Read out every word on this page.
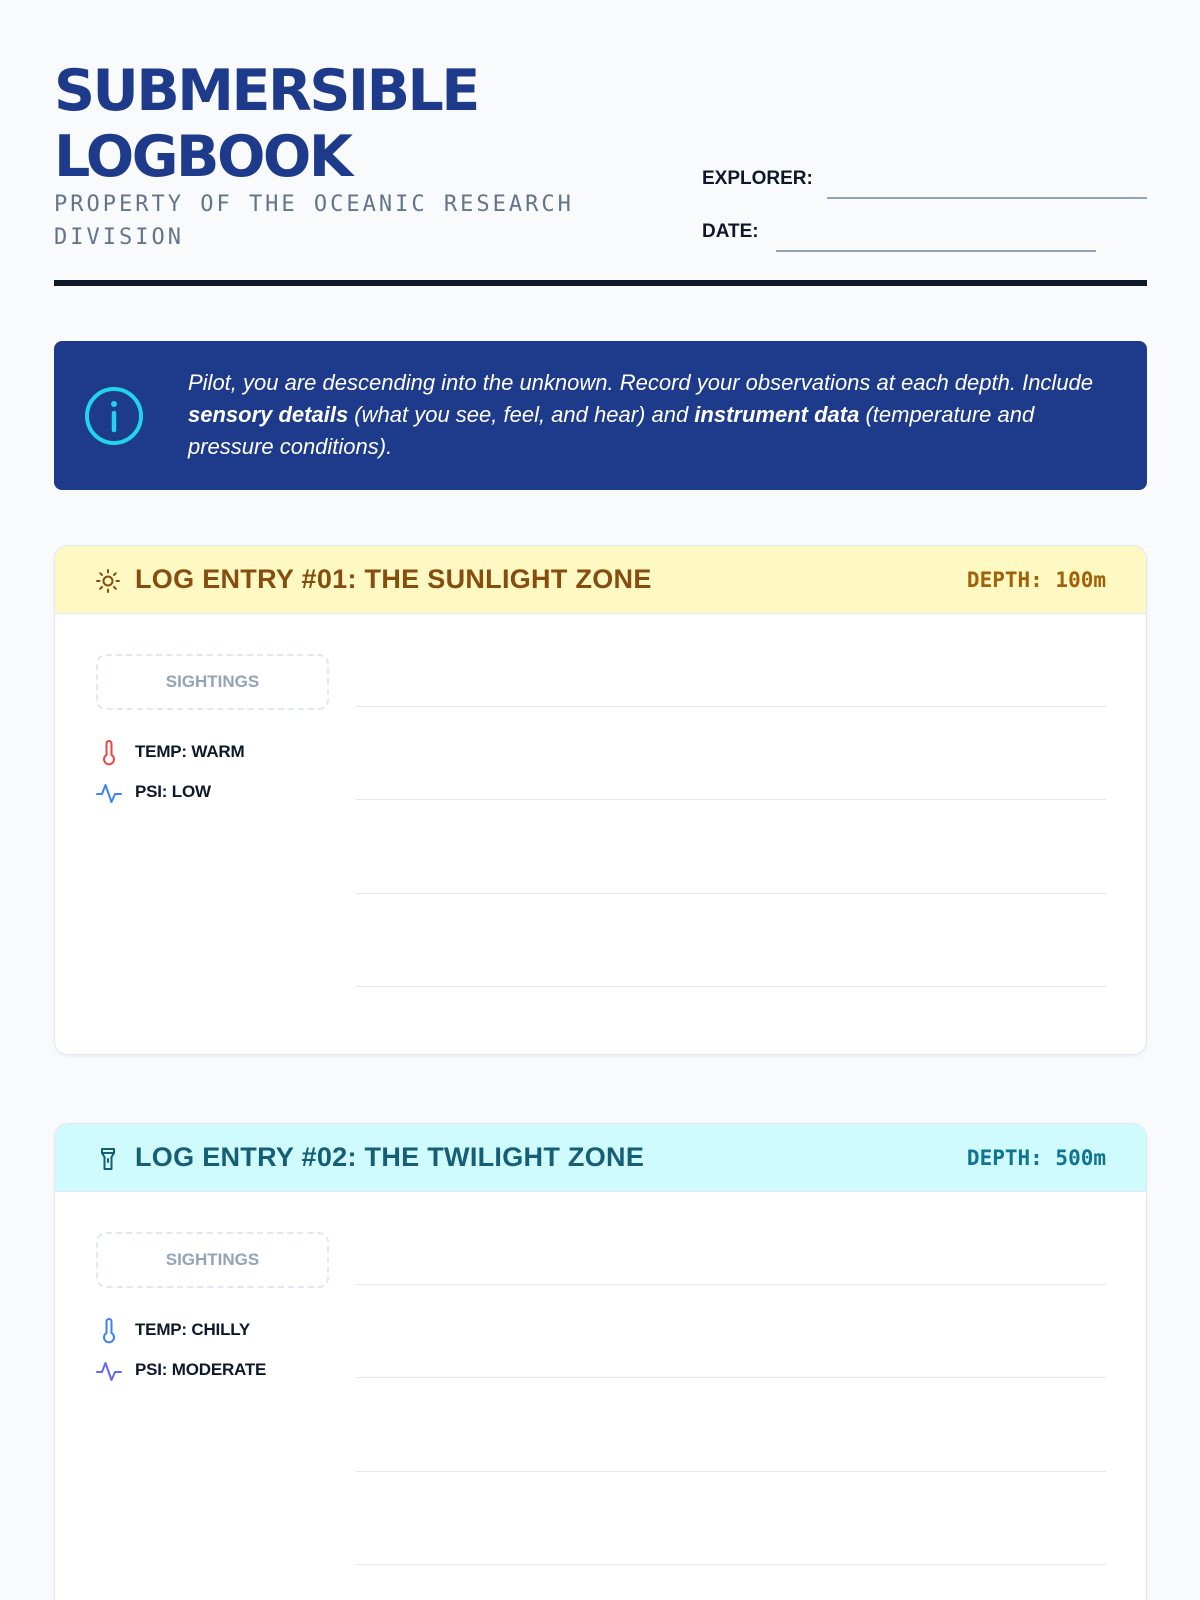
SUBMERSIBLE
LOGBOOK
PROPERTY OF THE OCEANIC RESEARCH DIVISION
EXPLORER:
DATE:
Pilot, you are descending into the unknown. Record your observations at each depth. Include sensory details (what you see, feel, and hear) and instrument data (temperature and pressure conditions).
LOG ENTRY #01: THE SUNLIGHT ZONE	DEPTH: 100m
SIGHTINGS
TEMP: WARM
PSI: LOW
LOG ENTRY #02: THE TWILIGHT ZONE	DEPTH: 500m
SIGHTINGS
TEMP: CHILLY
PSI: MODERATE
